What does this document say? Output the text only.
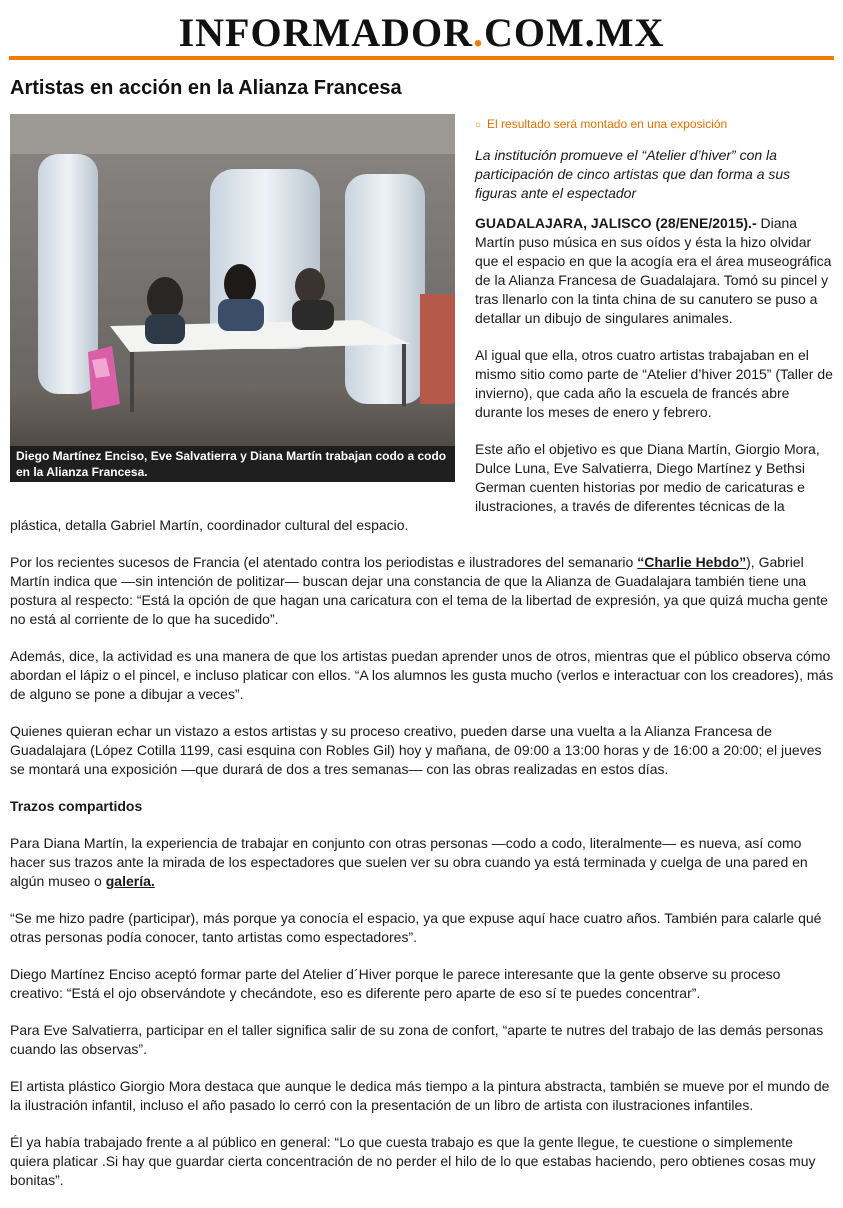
INFORMADOR.COM.MX
Artistas en acción en la Alianza Francesa
Diego Martínez Enciso, Eve Salvatierra y Diana Martín trabajan codo a codo en la Alianza Francesa.
○ El resultado será montado en una exposición

La institución promueve el “Atelier d’hiver” con la participación de cinco artistas que dan forma a sus figuras ante el espectador

GUADALAJARA, JALISCO (28/ENE/2015).- Diana Martín puso música en sus oídos y ésta la hizo olvidar que el espacio en que la acogía era el área museográfica de la Alianza Francesa de Guadalajara. Tomó su pincel y tras llenarlo con la tinta china de su canutero se puso a detallar un dibujo de singulares animales.

Al igual que ella, otros cuatro artistas trabajaban en el mismo sitio como parte de “Atelier d’hiver 2015” (Taller de invierno), que cada año la escuela de francés abre durante los meses de enero y febrero.

Este año el objetivo es que Diana Martín, Giorgio Mora, Dulce Luna, Eve Salvatierra, Diego Martínez y Bethsi German cuenten historias por medio de caricaturas e ilustraciones, a través de diferentes técnicas de la plástica, detalla Gabriel Martín, coordinador cultural del espacio.

Por los recientes sucesos de Francia (el atentado contra los periodistas e ilustradores del semanario “Charlie Hebdo”), Gabriel Martín indica que —sin intención de politizar— buscan dejar una constancia de que la Alianza de Guadalajara también tiene una postura al respecto: “Está la opción de que hagan una caricatura con el tema de la libertad de expresión, ya que quizá mucha gente no está al corriente de lo que ha sucedido”.

Además, dice, la actividad es una manera de que los artistas puedan aprender unos de otros, mientras que el público observa cómo abordan el lápiz o el pincel, e incluso platicar con ellos. “A los alumnos les gusta mucho (verlos e interactuar con los creadores), más de alguno se pone a dibujar a veces”.

Quienes quieran echar un vistazo a estos artistas y su proceso creativo, pueden darse una vuelta a la Alianza Francesa de Guadalajara (López Cotilla 1199, casi esquina con Robles Gil) hoy y mañana, de 09:00 a 13:00 horas y de 16:00 a 20:00; el jueves se montará una exposición —que durará de dos a tres semanas— con las obras realizadas en estos días.

Trazos compartidos

Para Diana Martín, la experiencia de trabajar en conjunto con otras personas —codo a codo, literalmente— es nueva, así como hacer sus trazos ante la mirada de los espectadores que suelen ver su obra cuando ya está terminada y cuelga de una pared en algún museo o galería.

“Se me hizo padre (participar), más porque ya conocía el espacio, ya que expuse aquí hace cuatro años. También para calarle qué otras personas podía conocer, tanto artistas como espectadores”.

Diego Martínez Enciso aceptó formar parte del Atelier d´Hiver porque le parece interesante que la gente observe su proceso creativo: “Está el ojo observándote y checándote, eso es diferente pero aparte de eso sí te puedes concentrar”.

Para Eve Salvatierra, participar en el taller significa salir de su zona de confort, “aparte te nutres del trabajo de las demás personas cuando las observas”.

El artista plástico Giorgio Mora destaca que aunque le dedica más tiempo a la pintura abstracta, también se mueve por el mundo de la ilustración infantil, incluso el año pasado lo cerró con la presentación de un libro de artista con ilustraciones infantiles.

Él ya había trabajado frente a al público en general: “Lo que cuesta trabajo es que la gente llegue, te cuestione o simplemente quiera platicar .Si hay que guardar cierta concentración de no perder el hilo de lo que estabas haciendo, pero obtienes cosas muy bonitas”.
